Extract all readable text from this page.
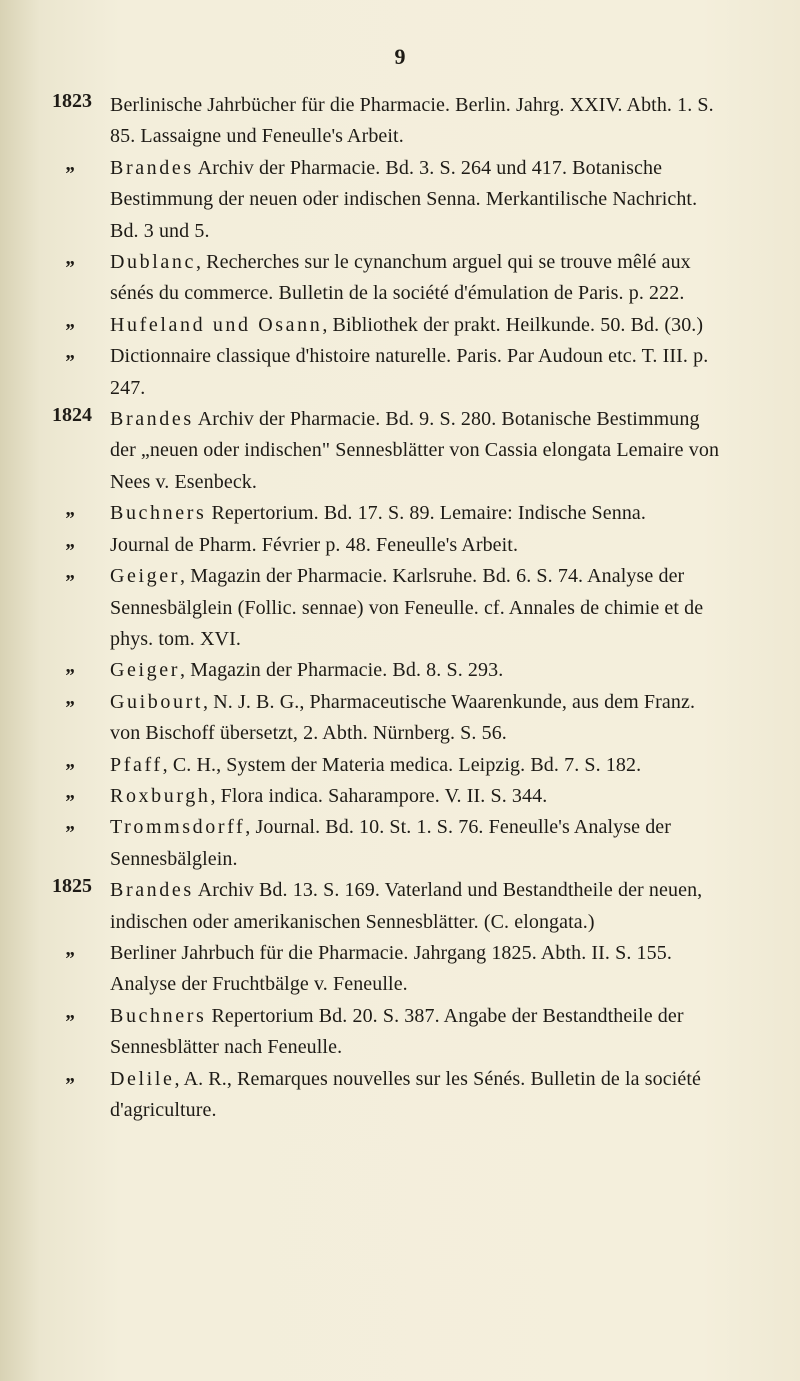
9
1823 Berlinische Jahrbücher für die Pharmacie. Berlin. Jahrg. XXIV. Abth. 1. S. 85. Lassaigne und Feneulle's Arbeit.
„ Brandes Archiv der Pharmacie. Bd. 3. S. 264 und 417. Botanische Bestimmung der neuen oder indischen Senna. Merkantilische Nachricht. Bd. 3 und 5.
„ Dublanc, Recherches sur le cynanchum arguel qui se trouve mêlé aux sénés du commerce. Bulletin de la société d'émulation de Paris. p. 222.
„ Hufeland und Osann, Bibliothek der prakt. Heilkunde. 50. Bd. (30.)
„ Dictionnaire classique d'histoire naturelle. Paris. Par Audoun etc. T. III. p. 247.
1824 Brandes Archiv der Pharmacie. Bd. 9. S. 280. Botanische Bestimmung der „neuen oder indischen" Sennesblätter von Cassia elongata Lemaire von Nees v. Esenbeck.
„ Buchners Repertorium. Bd. 17. S. 89. Lemaire: Indische Senna.
„ Journal de Pharm. Février p. 48. Feneulle's Arbeit.
„ Geiger, Magazin der Pharmacie. Karlsruhe. Bd. 6. S. 74. Analyse der Sennesbälglein (Follic. sennae) von Feneulle. cf. Annales de chimie et de phys. tom. XVI.
„ Geiger, Magazin der Pharmacie. Bd. 8. S. 293.
„ Guibourt, N. J. B. G., Pharmaceutische Waarenkunde, aus dem Franz. von Bischoff übersetzt, 2. Abth. Nürnberg. S. 56.
„ Pfaff, C. H., System der Materia medica. Leipzig. Bd. 7. S. 182.
„ Roxburgh, Flora indica. Saharampore. V. II. S. 344.
„ Trommsdorff, Journal. Bd. 10. St. 1. S. 76. Feneulle's Analyse der Sennesbälglein.
1825 Brandes Archiv Bd. 13. S. 169. Vaterland und Bestandtheile der neuen, indischen oder amerikanischen Sennesblätter. (C. elongata.)
„ Berliner Jahrbuch für die Pharmacie. Jahrgang 1825. Abth. II. S. 155. Analyse der Fruchtbälge v. Feneulle.
„ Buchners Repertorium Bd. 20. S. 387. Angabe der Bestandtheile der Sennesblätter nach Feneulle.
„ Delile, A. R., Remarques nouvelles sur les Sénés. Bulletin de la société d'agriculture.
